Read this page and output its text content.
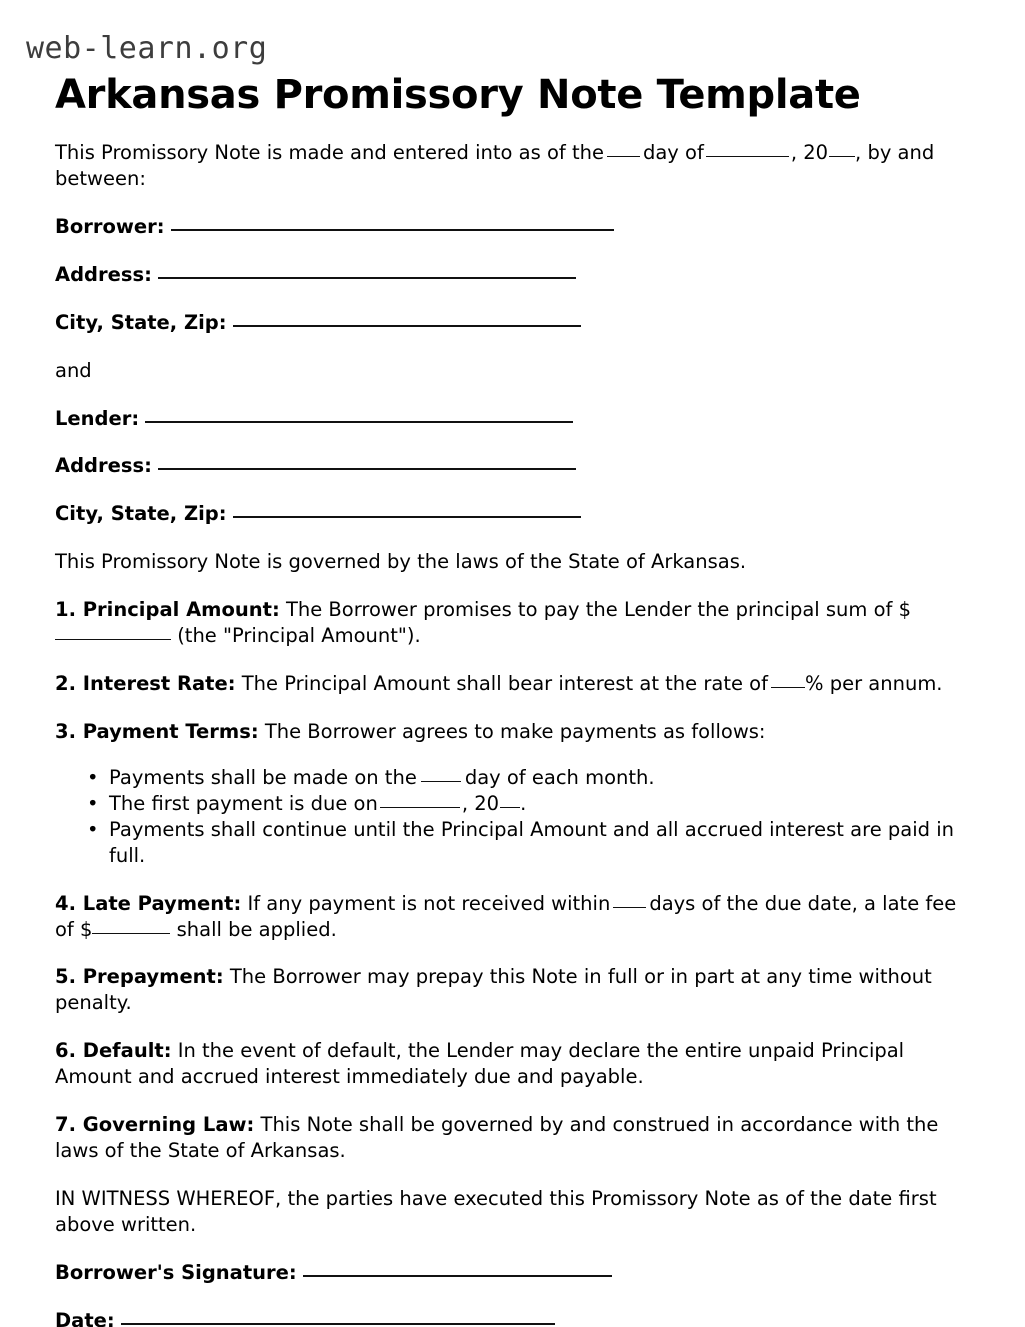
web-learn.org
Arkansas Promissory Note Template

This Promissory Note is made and entered into as of the day of	, 20 , by and between:

Borrower:
Address:
City, State, Zip:

and

Lender:
Address:
City, State, Zip:

This Promissory Note is governed by the laws of the State of Arkansas.

1. Principal Amount: The Borrower promises to pay the Lender the principal sum of $ (the "Principal Amount").

2. Interest Rate: The Principal Amount shall bear interest at the rate of % per annum.

3. Payment Terms: The Borrower agrees to make payments as follows:

• Payments shall be made on the day of each month.
• The first payment is due on	, 20 .
• Payments shall continue until the Principal Amount and all accrued interest are paid in full.

4. Late Payment: If any payment is not received within days of the due date, a late fee of $	shall be applied.

5. Prepayment: The Borrower may prepay this Note in full or in part at any time without penalty.

6. Default: In the event of default, the Lender may declare the entire unpaid Principal Amount and accrued interest immediately due and payable.

7. Governing Law: This Note shall be governed by and construed in accordance with the laws of the State of Arkansas.

IN WITNESS WHEREOF, the parties have executed this Promissory Note as of the date first above written.

Borrower's Signature:
Date:
